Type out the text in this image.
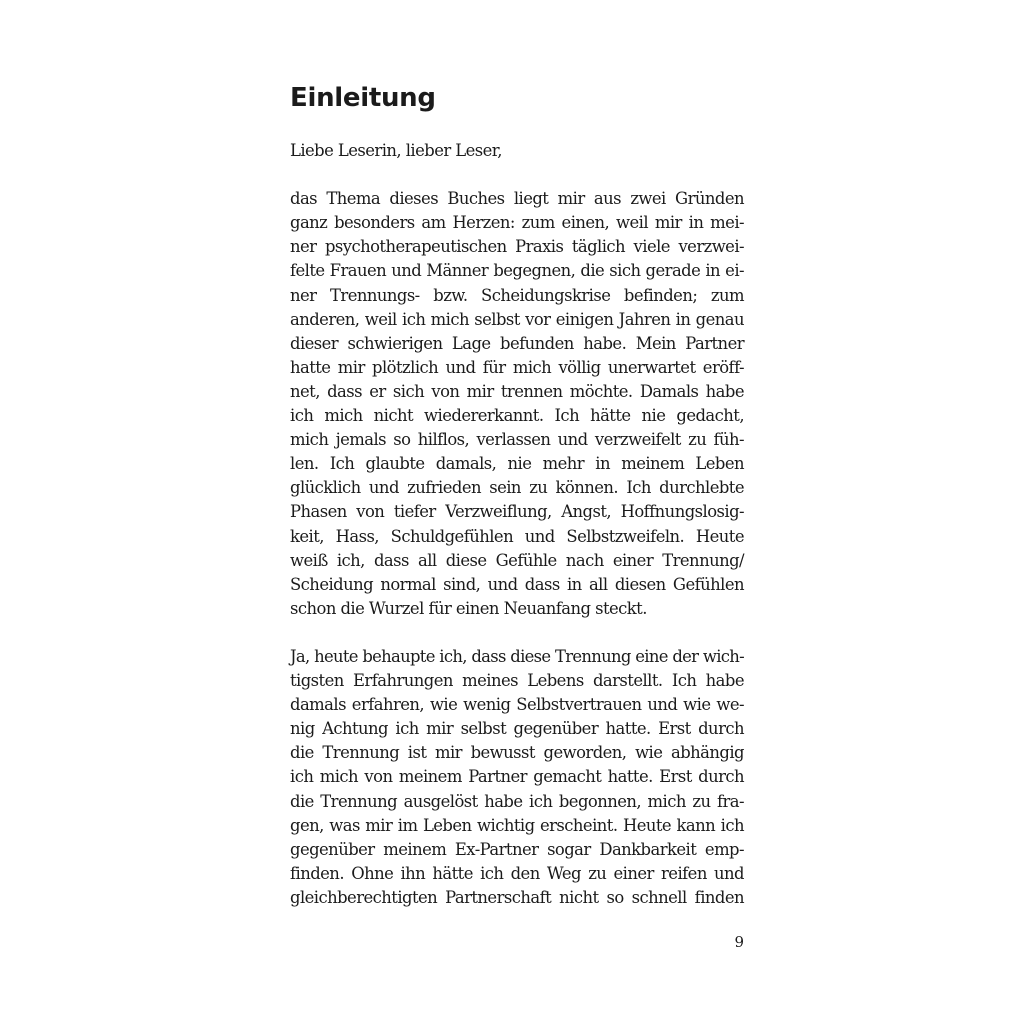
Einleitung

Liebe Leserin, lieber Leser,

das Thema dieses Buches liegt mir aus zwei Gründen
ganz besonders am Herzen: zum einen, weil mir in mei-
ner psychotherapeutischen Praxis täglich viele verzwei-
felte Frauen und Männer begegnen, die sich gerade in ei-
ner Trennungs- bzw. Scheidungskrise befinden; zum
anderen, weil ich mich selbst vor einigen Jahren in genau
dieser schwierigen Lage befunden habe. Mein Partner
hatte mir plötzlich und für mich völlig unerwartet eröff-
net, dass er sich von mir trennen möchte. Damals habe
ich mich nicht wiedererkannt. Ich hätte nie gedacht,
mich jemals so hilflos, verlassen und verzweifelt zu füh-
len. Ich glaubte damals, nie mehr in meinem Leben
glücklich und zufrieden sein zu können. Ich durchlebte
Phasen von tiefer Verzweiflung, Angst, Hoffnungslosig-
keit, Hass, Schuldgefühlen und Selbstzweifeln. Heute
weiß ich, dass all diese Gefühle nach einer Trennung/
Scheidung normal sind, und dass in all diesen Gefühlen
schon die Wurzel für einen Neuanfang steckt.

Ja, heute behaupte ich, dass diese Trennung eine der wich-
tigsten Erfahrungen meines Lebens darstellt. Ich habe
damals erfahren, wie wenig Selbstvertrauen und wie we-
nig Achtung ich mir selbst gegenüber hatte. Erst durch
die Trennung ist mir bewusst geworden, wie abhängig
ich mich von meinem Partner gemacht hatte. Erst durch
die Trennung ausgelöst habe ich begonnen, mich zu fra-
gen, was mir im Leben wichtig erscheint. Heute kann ich
gegenüber meinem Ex-Partner sogar Dankbarkeit emp-
finden. Ohne ihn hätte ich den Weg zu einer reifen und
gleichberechtigten Partnerschaft nicht so schnell finden

9
